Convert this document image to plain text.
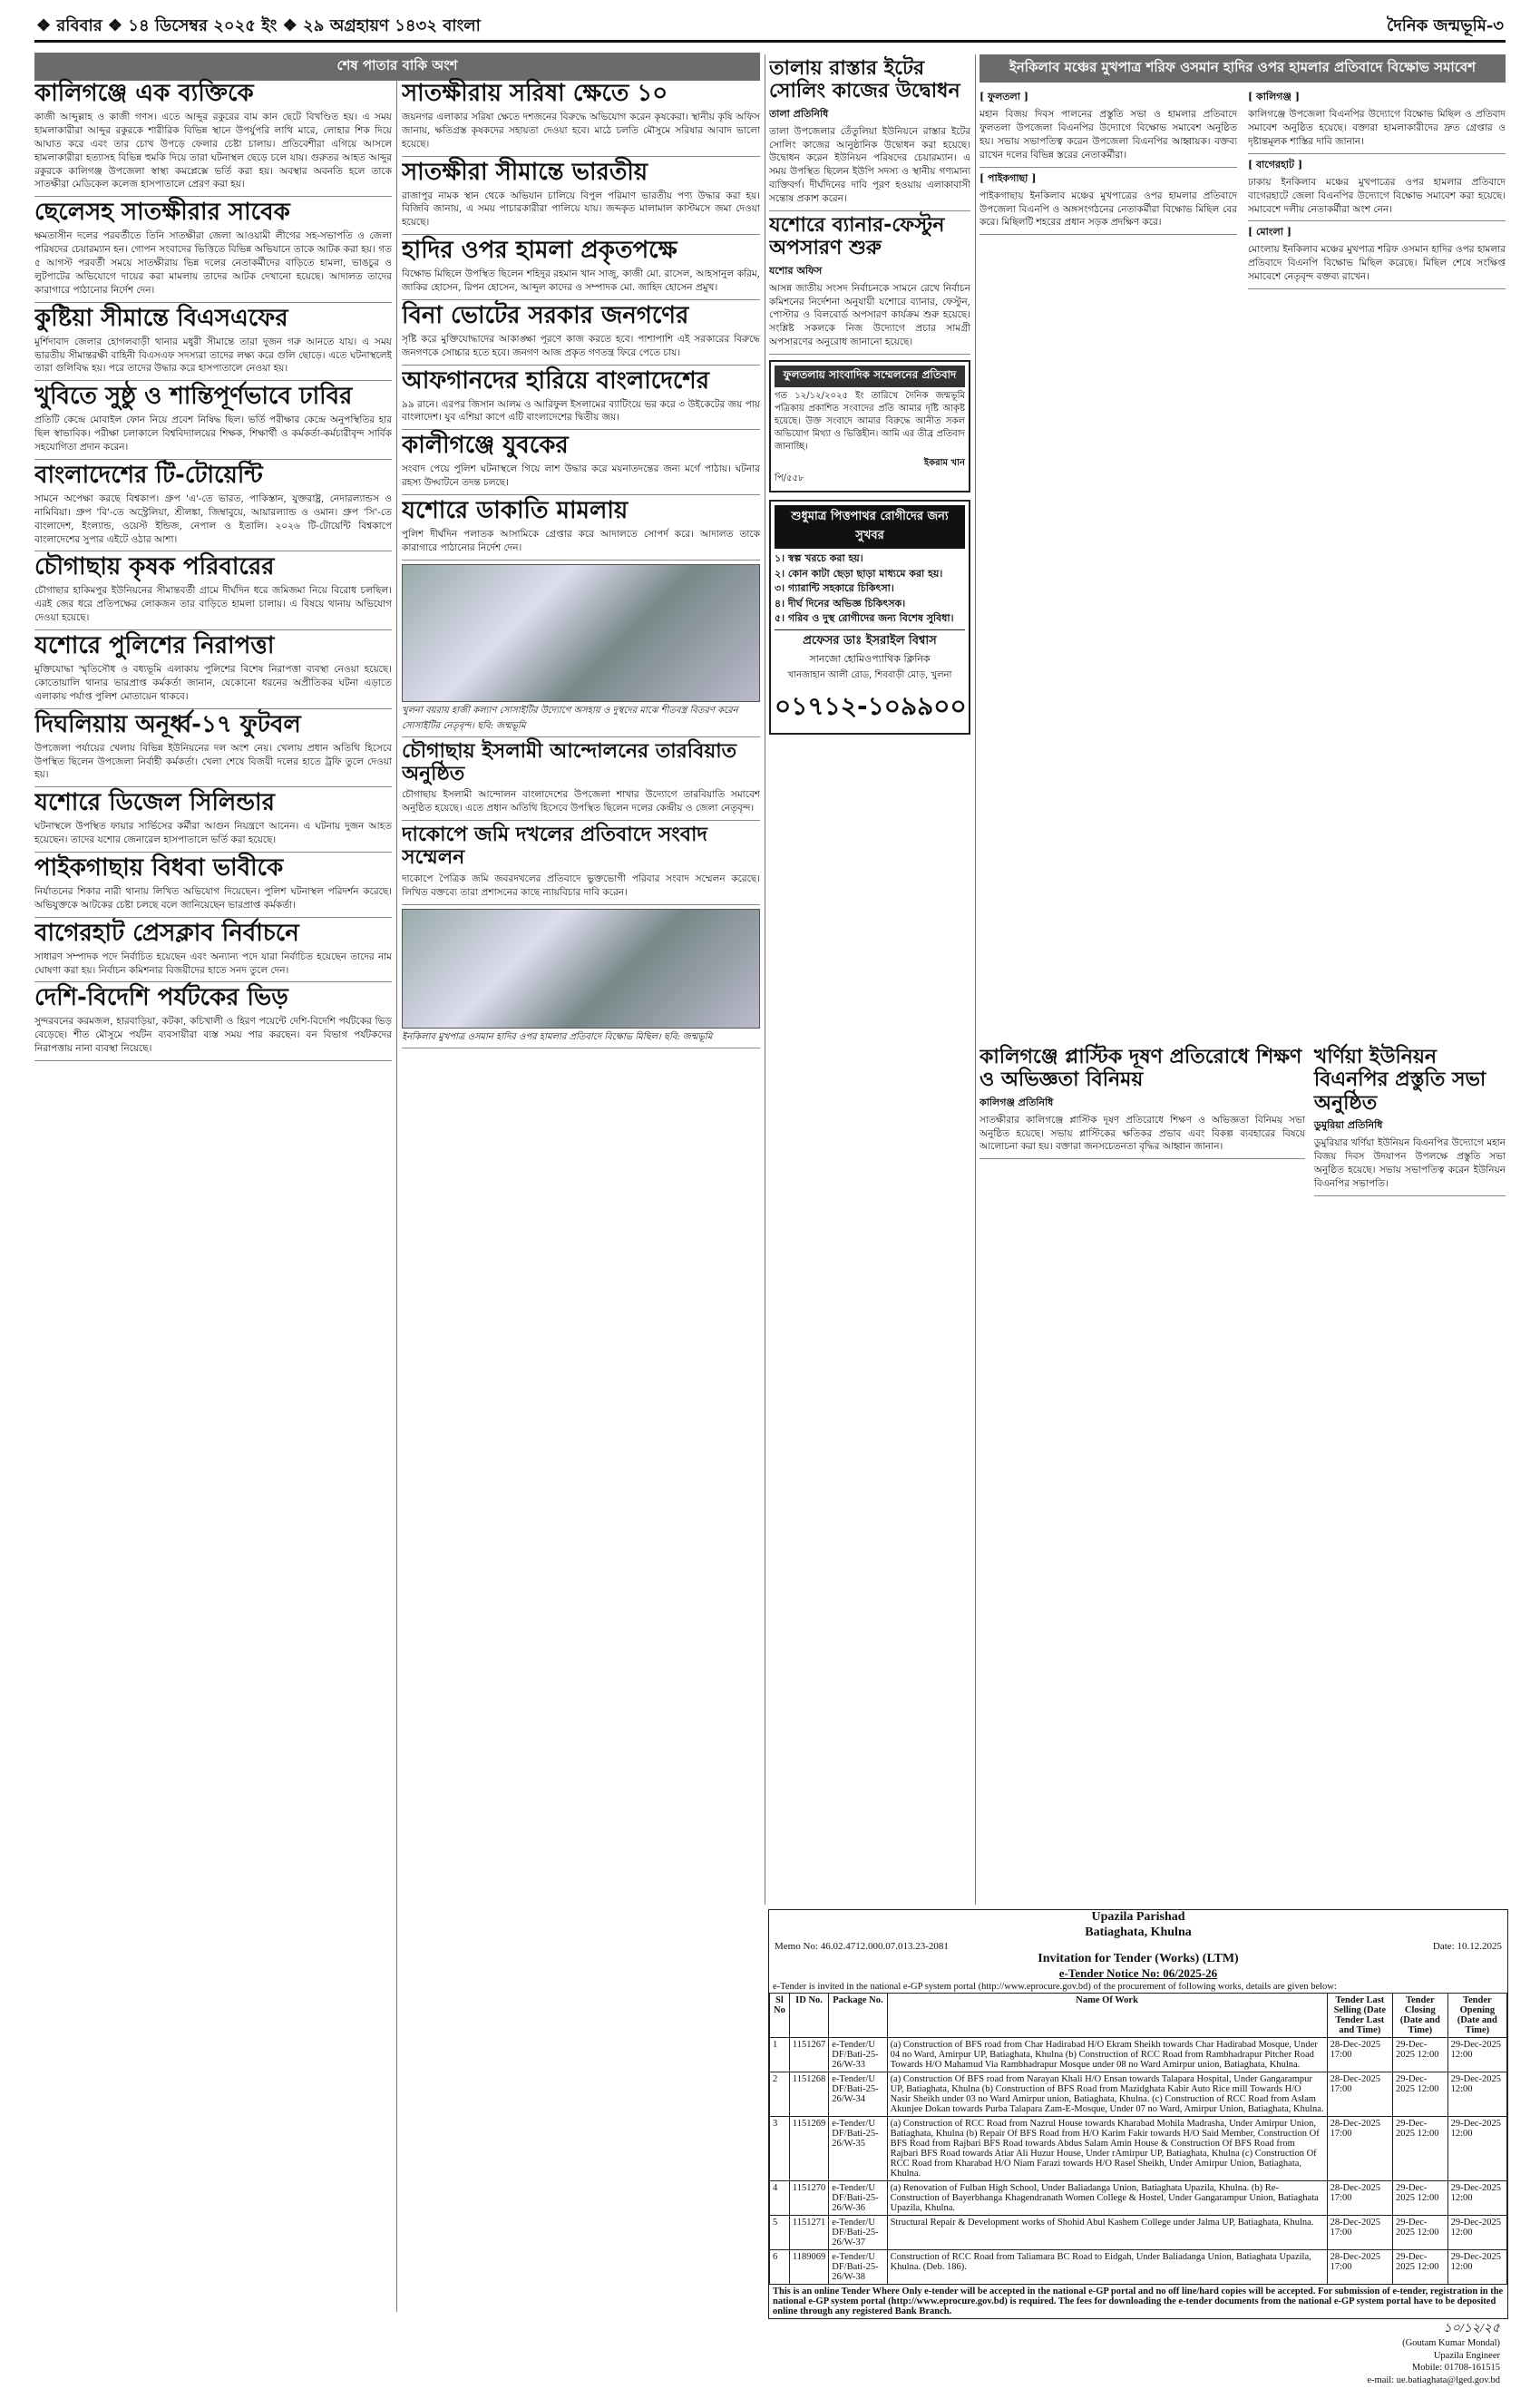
❖ রবিবার ❖ ১৪ ডিসেম্বর ২০২৫ ইং ❖ ২৯ অগ্রহায়ণ ১৪৩২ বাংলা	দৈনিক জন্মভূমি-৩
শেষ পাতার বাকি অংশ
কালিগঞ্জে এক ব্যক্তিকে

কাজী আব্দুল্লাহ ও কাজী গণস। এতে আব্দুর রকুরের বাম কান ছেটে বিখণ্ডিত হয়। এ সময় হামলাকারীরা আব্দুর রকুরকে শারীরিক বিভিন্ন স্থানে উপর্যুপরি লাথি মারে, লোহার শিক দিয়ে আঘাত করে এবং তার চোখ উপড়ে ফেলার চেষ্টা চালায়। প্রতিবেশীরা এগিয়ে আসলে হামলাকারীরা হত্যাসহ বিভিন্ন হুমকি দিয়ে তারা ঘটনাস্থল ছেড়ে চলে যায়। গুরুতর আহত আব্দুর রকুরকে কালিগঞ্জ উপজেলা স্বাস্থ্য কমপ্লেক্সে ভর্তি করা হয়। অবস্থার অবনতি হলে তাকে সাতক্ষীরা মেডিকেল কলেজ হাসপাতালে প্রেরণ করা হয়।

ছেলেসহ সাতক্ষীরার সাবেক

ক্ষমতাসীন দলের পরবর্তীতে তিনি সাতক্ষীরা জেলা আওয়ামী লীগের সহ-সভাপতি ও জেলা পরিষদের চেয়ারম্যান হন। গোপন সংবাদের ভিত্তিতে বিভিন্ন অভিযানে তাকে আটক করা হয়। গত ৫ আগস্ট পরবর্তী সময়ে সাতক্ষীরায় ভিন্ন দলের নেতাকর্মীদের বাড়িতে হামলা, ভাঙচুর ও লুটপাটের অভিযোগে দায়ের করা মামলায় তাদের আটক দেখানো হয়েছে। আদালত তাদের কারাগারে পাঠানোর নির্দেশ দেন।

কুষ্টিয়া সীমান্তে বিএসএফের

মুর্শিদাবাদ জেলার হোগলবাড়ী থানার মধুরী সীমান্তে তারা দুজন গরু আনতে যায়। এ সময় ভারতীয় সীমান্তরক্ষী বাহিনী বিএসএফ সদস্যরা তাদের লক্ষ্য করে গুলি ছোড়ে। এতে ঘটনাস্থলেই তারা গুলিবিদ্ধ হয়। পরে তাদের উদ্ধার করে হাসপাতালে নেওয়া হয়।

খুবিতে সুষ্ঠু ও শান্তিপূর্ণভাবে ঢাবির

প্রতিটি কেন্দ্রে মোবাইল ফোন নিয়ে প্রবেশ নিষিদ্ধ ছিল। ভর্তি পরীক্ষার কেন্দ্রে অনুপস্থিতির হার ছিল স্বাভাবিক। পরীক্ষা চলাকালে বিশ্ববিদ্যালয়ের শিক্ষক, শিক্ষার্থী ও কর্মকর্তা-কর্মচারীবৃন্দ সার্বিক সহযোগিতা প্রদান করেন।

বাংলাদেশের টি-টোয়েন্টি

সামনে অপেক্ষা করছে বিশ্বকাপ। গ্রুপ 'এ'-তে ভারত, পাকিস্তান, যুক্তরাষ্ট্র, নেদারল্যান্ডস ও নামিবিয়া। গ্রুপ 'বি'-তে অস্ট্রেলিয়া, শ্রীলঙ্কা, জিম্বাবুয়ে, আয়ারল্যান্ড ও ওমান। গ্রুপ 'সি'-তে বাংলাদেশ, ইংল্যান্ড, ওয়েস্ট ইন্ডিজ, নেপাল ও ইতালি। ২০২৬ টি-টোয়েন্টি বিশ্বকাপে বাংলাদেশের সুপার এইটে ওঠার আশা।

চৌগাছায় কৃষক পরিবারের

চৌগাছার হাকিমপুর ইউনিয়নের সীমান্তবর্তী গ্রামে দীর্ঘদিন ধরে জমিজমা নিয়ে বিরোধ চলছিল। এরই জের ধরে প্রতিপক্ষের লোকজন তার বাড়িতে হামলা চালায়। এ বিষয়ে থানায় অভিযোগ দেওয়া হয়েছে।

যশোরে পুলিশের নিরাপত্তা

মুক্তিযোদ্ধা স্মৃতিসৌধ ও বধ্যভূমি এলাকায় পুলিশের বিশেষ নিরাপত্তা ব্যবস্থা নেওয়া হয়েছে। কোতোয়ালি থানার ভারপ্রাপ্ত কর্মকর্তা জানান, যেকোনো ধরনের অপ্রীতিকর ঘটনা এড়াতে এলাকায় পর্যাপ্ত পুলিশ মোতায়েন থাকবে।

দিঘলিয়ায় অনূর্ধ্ব-১৭ ফুটবল

উপজেলা পর্যায়ের খেলায় বিভিন্ন ইউনিয়নের দল অংশ নেয়। খেলায় প্রধান অতিথি হিসেবে উপস্থিত ছিলেন উপজেলা নির্বাহী কর্মকর্তা। খেলা শেষে বিজয়ী দলের হাতে ট্রফি তুলে দেওয়া হয়।

যশোরে ডিজেল সিলিন্ডার

ঘটনাস্থলে উপস্থিত ফায়ার সার্ভিসের কর্মীরা আগুন নিয়ন্ত্রণে আনেন। এ ঘটনায় দুজন আহত হয়েছেন। তাদের যশোর জেনারেল হাসপাতালে ভর্তি করা হয়েছে।

পাইকগাছায় বিধবা ভাবীকে

নির্যাতনের শিকার নারী থানায় লিখিত অভিযোগ দিয়েছেন। পুলিশ ঘটনাস্থল পরিদর্শন করেছে। অভিযুক্তকে আটকের চেষ্টা চলছে বলে জানিয়েছেন ভারপ্রাপ্ত কর্মকর্তা।

বাগেরহাট প্রেসক্লাব নির্বাচনে

সাধারণ সম্পাদক পদে নির্বাচিত হয়েছেন এবং অন্যান্য পদে যারা নির্বাচিত হয়েছেন তাদের নাম ঘোষণা করা হয়। নির্বাচন কমিশনার বিজয়ীদের হাতে সনদ তুলে দেন।

দেশি-বিদেশি পর্যটকের ভিড়

সুন্দরবনের করমজল, হারবাড়িয়া, কটকা, কচিখালী ও হিরণ পয়েন্টে দেশি-বিদেশি পর্যটকের ভিড় বেড়েছে। শীত মৌসুমে পর্যটন ব্যবসায়ীরা ব্যস্ত সময় পার করছেন। বন বিভাগ পর্যটকদের নিরাপত্তায় নানা ব্যবস্থা নিয়েছে।

সাতক্ষীরায় সরিষা ক্ষেতে ১০

জয়নগর এলাকার সরিষা ক্ষেতে দশজনের বিরুদ্ধে অভিযোগ করেন কৃষকেরা। স্থানীয় কৃষি অফিস জানায়, ক্ষতিগ্রস্ত কৃষকদের সহায়তা দেওয়া হবে। মাঠে চলতি মৌসুমে সরিষার আবাদ ভালো হয়েছে।

সাতক্ষীরা সীমান্তে ভারতীয়

রাজাপুর নামক স্থান থেকে অভিযান চালিয়ে বিপুল পরিমাণ ভারতীয় পণ্য উদ্ধার করা হয়। বিজিবি জানায়, এ সময় পাচারকারীরা পালিয়ে যায়। জব্দকৃত মালামাল কাস্টমসে জমা দেওয়া হয়েছে।

হাদির ওপর হামলা প্রকৃতপক্ষে

বিক্ষোভ মিছিলে উপস্থিত ছিলেন শহিদুর রহমান খান সাজু, কাজী মো. রাসেল, আহসানুল করিম, জাকির হোসেন, রিপন হোসেন, আব্দুল কাদের ও সম্পাদক মো. জাহিদ হোসেন প্রমুখ।

বিনা ভোটের সরকার জনগণের

সৃষ্টি করে মুক্তিযোদ্ধাদের আকাঙ্ক্ষা পূরণে কাজ করতে হবে। পাশাপাশি এই সরকারের বিরুদ্ধে জনগণকে সোচ্চার হতে হবে। জনগণ আজ প্রকৃত গণতন্ত্র ফিরে পেতে চায়।

আফগানদের হারিয়ে বাংলাদেশের

৯৯ রানে। এরপর জিসান আলম ও আরিফুল ইসলামের ব্যাটিংয়ে ভর করে ৩ উইকেটের জয় পায় বাংলাদেশ। যুব এশিয়া কাপে এটি বাংলাদেশের দ্বিতীয় জয়।

কালীগঞ্জে যুবকের

সংবাদ পেয়ে পুলিশ ঘটনাস্থলে গিয়ে লাশ উদ্ধার করে ময়নাতদন্তের জন্য মর্গে পাঠায়। ঘটনার রহস্য উদ্ঘাটনে তদন্ত চলছে।

যশোরে ডাকাতি মামলায়

পুলিশ দীর্ঘদিন পলাতক আসামিকে গ্রেপ্তার করে আদালতে সোপর্দ করে। আদালত তাকে কারাগারে পাঠানোর নির্দেশ দেন।

খুলনা বয়রায় হাজী কল্যাণ সোসাইটির উদ্যোগে অসহায় ও দুস্থদের মাঝে শীতবস্ত্র বিতরণ করেন সোসাইটির নেতৃবৃন্দ। ছবি: জন্মভূমি
চৌগাছায় ইসলামী আন্দোলনের তারবিয়াত অনুষ্ঠিত

চৌগাছায় ইসলামী আন্দোলন বাংলাদেশের উপজেলা শাখার উদ্যোগে তারবিয়াতি সমাবেশ অনুষ্ঠিত হয়েছে। এতে প্রধান অতিথি হিসেবে উপস্থিত ছিলেন দলের কেন্দ্রীয় ও জেলা নেতৃবৃন্দ।

দাকোপে জমি দখলের প্রতিবাদে সংবাদ সম্মেলন

দাকোপে পৈত্রিক জমি জবরদখলের প্রতিবাদে ভুক্তভোগী পরিবার সংবাদ সম্মেলন করেছে। লিখিত বক্তব্যে তারা প্রশাসনের কাছে ন্যায়বিচার দাবি করেন।

ইনকিলাব মুখপাত্র ওসমান হাদির ওপর হামলার প্রতিবাদে বিক্ষোভ মিছিল। ছবি: জন্মভূমি
তালায় রাস্তার ইটের সোলিং কাজের উদ্বোধন
তালা প্রতিনিধি

তালা উপজেলার তেঁতুলিয়া ইউনিয়নে রাস্তার ইটের সোলিং কাজের আনুষ্ঠানিক উদ্বোধন করা হয়েছে। উদ্বোধন করেন ইউনিয়ন পরিষদের চেয়ারম্যান। এ সময় উপস্থিত ছিলেন ইউপি সদস্য ও স্থানীয় গণ্যমান্য ব্যক্তিবর্গ। দীর্ঘদিনের দাবি পূরণ হওয়ায় এলাকাবাসী সন্তোষ প্রকাশ করেন।

যশোরে ব্যানার-ফেস্টুন অপসারণ শুরু
যশোর অফিস

আসন্ন জাতীয় সংসদ নির্বাচনকে সামনে রেখে নির্বাচন কমিশনের নির্দেশনা অনুযায়ী যশোরে ব্যানার, ফেস্টুন, পোস্টার ও বিলবোর্ড অপসারণ কার্যক্রম শুরু হয়েছে। সংশ্লিষ্ট সকলকে নিজ উদ্যোগে প্রচার সামগ্রী অপসারণের অনুরোধ জানানো হয়েছে।

ফুলতলায় সাংবাদিক সম্মেলনের প্রতিবাদ

গত ১২/১২/২০২৫ ইং তারিখে দৈনিক জন্মভূমি পত্রিকায় প্রকাশিত সংবাদের প্রতি আমার দৃষ্টি আকৃষ্ট হয়েছে। উক্ত সংবাদে আমার বিরুদ্ধে আনীত সকল অভিযোগ মিথ্যা ও ভিত্তিহীন। আমি এর তীব্র প্রতিবাদ জানাচ্ছি।

ইকরাম খান
পি/৫৫৮
শুধুমাত্র পিত্তপাথর রোগীদের জন্য সুখবর
১। স্বল্প খরচে করা হয়।
২। কোন কাটা ছেড়া ছাড়া মাধ্যমে করা হয়।
৩। গ্যারান্টি সহকারে চিকিৎসা।
৪। দীর্ঘ দিনের অভিজ্ঞ চিকিৎসক।
৫। গরিব ও দুস্থ রোগীদের জন্য বিশেষ সুবিধা।
প্রফেসর ডাঃ ইসরাইল বিশ্বাস
সানজো হোমিওপ্যাথিক ক্লিনিক
খানজাহান আলী রোড, শিববাড়ী মোড়, খুলনা
০১৭১২-১০৯৯০০
ইনকিলাব মঞ্চের মুখপাত্র শরিফ ওসমান হাদির ওপর হামলার প্রতিবাদে বিক্ষোভ সমাবেশ
[ ফুলতলা ]

মহান বিজয় দিবস পালনের প্রস্তুতি সভা ও হামলার প্রতিবাদে ফুলতলা উপজেলা বিএনপির উদ্যোগে বিক্ষোভ সমাবেশ অনুষ্ঠিত হয়। সভায় সভাপতিত্ব করেন উপজেলা বিএনপির আহ্বায়ক। বক্তব্য রাখেন দলের বিভিন্ন স্তরের নেতাকর্মীরা।

[ পাইকগাছা ]

পাইকগাছায় ইনকিলাব মঞ্চের মুখপাত্রের ওপর হামলার প্রতিবাদে উপজেলা বিএনপি ও অঙ্গসংগঠনের নেতাকর্মীরা বিক্ষোভ মিছিল বের করে। মিছিলটি শহরের প্রধান সড়ক প্রদক্ষিণ করে।

[ কালিগঞ্জ ]

কালিগঞ্জে উপজেলা বিএনপির উদ্যোগে বিক্ষোভ মিছিল ও প্রতিবাদ সমাবেশ অনুষ্ঠিত হয়েছে। বক্তারা হামলাকারীদের দ্রুত গ্রেপ্তার ও দৃষ্টান্তমূলক শাস্তির দাবি জানান।

[ বাগেরহাট ]

ঢাকায় ইনকিলাব মঞ্চের মুখপাত্রের ওপর হামলার প্রতিবাদে বাগেরহাটে জেলা বিএনপির উদ্যোগে বিক্ষোভ সমাবেশ করা হয়েছে। সমাবেশে দলীয় নেতাকর্মীরা অংশ নেন।

[ মোংলা ]

মোংলায় ইনকিলাব মঞ্চের মুখপাত্র শরিফ ওসমান হাদির ওপর হামলার প্রতিবাদে বিএনপি বিক্ষোভ মিছিল করেছে। মিছিল শেষে সংক্ষিপ্ত সমাবেশে নেতৃবৃন্দ বক্তব্য রাখেন।

কালিগঞ্জে প্লাস্টিক দূষণ প্রতিরোধে শিক্ষণ ও অভিজ্ঞতা বিনিময়
কালিগঞ্জ প্রতিনিধি

সাতক্ষীরার কালিগঞ্জে প্লাস্টিক দূষণ প্রতিরোধে শিক্ষণ ও অভিজ্ঞতা বিনিময় সভা অনুষ্ঠিত হয়েছে। সভায় প্লাস্টিকের ক্ষতিকর প্রভাব এবং বিকল্প ব্যবহারের বিষয়ে আলোচনা করা হয়। বক্তারা জনসচেতনতা বৃদ্ধির আহ্বান জানান।

খর্ণিয়া ইউনিয়ন বিএনপির প্রস্তুতি সভা অনুষ্ঠিত
ডুমুরিয়া প্রতিনিধি

ডুমুরিয়ার খর্ণিয়া ইউনিয়ন বিএনপির উদ্যোগে মহান বিজয় দিবস উদযাপন উপলক্ষে প্রস্তুতি সভা অনুষ্ঠিত হয়েছে। সভায় সভাপতিত্ব করেন ইউনিয়ন বিএনপির সভাপতি।

Upazila Parishad
Batiaghata, Khulna
Memo No: 46.02.4712.000.07.013.23-2081	Date: 10.12.2025
Invitation for Tender (Works) (LTM)
e-Tender Notice No: 06/2025-26
e-Tender is invited in the national e-GP system portal (http://www.eprocure.gov.bd) of the procurement of following works, details are given below:
Sl No	ID No.	Package No.	Name Of Work	Tender Last Selling (Date Tender Last and Time)	Tender Closing (Date and Time)	Tender Opening (Date and Time)
1	1151267	e-Tender/U DF/Bati-25-26/W-33	(a) Construction of BFS road from Char Hadirabad H/O Ekram Sheikh towards Char Hadirabad Mosque, Under 04 no Ward, Amirpur UP, Batiaghata, Khulna (b) Construction of RCC Road from Rambhadrapur Pitcher Road Towards H/O Mahamud Via Rambhadrapur Mosque under 08 no Ward Amirpur union, Batiaghata, Khulna.	28-Dec-2025 17:00	29-Dec-2025 12:00	29-Dec-2025 12:00
2	1151268	e-Tender/U DF/Bati-25-26/W-34	(a) Construction Of BFS road from Narayan Khali H/O Ensan towards Talapara Hospital, Under Gangarampur UP, Batiaghata, Khulna (b) Construction of BFS Road from Mazidghata Kabir Auto Rice mill Towards H/O Nasir Sheikh under 03 no Ward Amirpur union, Batiaghata, Khulna. (c) Construction of RCC Road from Aslam Akunjee Dokan towards Purba Talapara Zam-E-Mosque, Under 07 no Ward, Amirpur Union, Batiaghata, Khulna.	28-Dec-2025 17:00	29-Dec-2025 12:00	29-Dec-2025 12:00
3	1151269	e-Tender/U DF/Bati-25-26/W-35	(a) Construction of RCC Road from Nazrul House towards Kharabad Mohila Madrasha, Under Amirpur Union, Batiaghata, Khulna (b) Repair Of BFS Road from H/O Karim Fakir towards H/O Said Member, Construction Of BFS Road from Rajbari BFS Road towards Abdus Salam Amin House & Construction Of BFS Road from Rajbari BFS Road towards Atiar Ali Huzur House, Under rAmirpur UP, Batiaghata, Khulna (c) Construction Of RCC Road from Kharabad H/O Niam Farazi towards H/O Rasel Sheikh, Under Amirpur Union, Batiaghata, Khulna.	28-Dec-2025 17:00	29-Dec-2025 12:00	29-Dec-2025 12:00
4	1151270	e-Tender/U DF/Bati-25-26/W-36	(a) Renovation of Fulban High School, Under Baliadanga Union, Batiaghata Upazila, Khulna. (b) Re-Construction of Bayerbhanga Khagendranath Women College & Hostel, Under Gangarampur Union, Batiaghata Upazila, Khulna.	28-Dec-2025 17:00	29-Dec-2025 12:00	29-Dec-2025 12:00
5	1151271	e-Tender/U DF/Bati-25-26/W-37	Structural Repair & Development works of Shohid Abul Kashem College under Jalma UP, Batiaghata, Khulna.	28-Dec-2025 17:00	29-Dec-2025 12:00	29-Dec-2025 12:00
6	1189069	e-Tender/U DF/Bati-25-26/W-38	Construction of RCC Road from Taliamara BC Road to Eidgah, Under Baliadanga Union, Batiaghata Upazila, Khulna. (Deb. 186).	28-Dec-2025 17:00	29-Dec-2025 12:00	29-Dec-2025 12:00
This is an online Tender Where Only e-tender will be accepted in the national e-GP portal and no off line/hard copies will be accepted. For submission of e-tender, registration in the national e-GP system portal (http://www.eprocure.gov.bd) is required. The fees for downloading the e-tender documents from the national e-GP system portal have to be deposited online through any registered Bank Branch.
১০/১২/২৫
(Goutam Kumar Mondal)
Upazila Engineer
Mobile: 01708-161515
e-mail: ue.batiaghata@lged.gov.bd
